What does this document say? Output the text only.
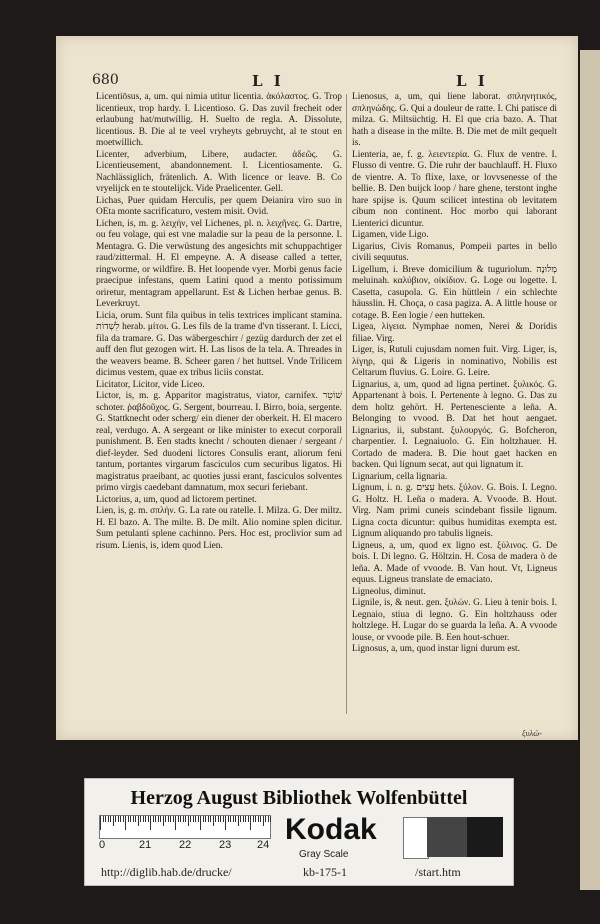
680	L I	L I
Licentiōsus, a, um. qui nimia utitur licentia. ἀκόλαστος. G. Trop licentieux, trop hardy. I. Licentioso. G. Das zuvil frecheit oder erlaubung hat/mutwillig. H. Suelto de regla. A. Dissolute, licentious. B. Die al te veel vryheyts gebruycht, al te stout en moetwillich.
Licenter, adverbium, Libere, audacter. ἀδεῶς. G. Licentieusement, abandonnement. I. Licentiosamente. G. Nachlässiglich, frätenlich. A. With licence or leave. B. Co vryelijck en te stoutelijck. Vide Praelicenter. Gell.
Lichas, Puer quidam Herculis, per quem Deianira viro suo in OEta monte sacrificaturo, vestem misit. Ovid.
Lichen, is, m. g. λειχήν, vel Lichenes, pl. n. λειχῆνες. G. Dartre, ou feu volage, qui est vne maladie sur la peau de la personne. I. Mentagra. G. Die verwüstung des angesichts mit schuppachtiger raud/zittermal. H. El empeyne. A. A disease called a tetter, ringworme, or wildfire. B. Het loopende vyer. Morbi genus facie praecipue infestans, quem Latini quod a mento potissimum oriretur, mentagram appellarunt. Est & Lichen herbae genus. B. Leverkruyt.
Licia, orum. Sunt fila quibus in telis textrices implicant stamina. לִשְׁדוֹת herab. μίτοι. G. Les fils de la trame d'vn tisserant. I. Licci, fila da tramare. G. Das wäbergeschirr / gezüg dardurch der zet el auff den flut gezogen wirt. H. Las lisos de la tela. A. Threades in the weavers beame. B. Scheer garen / het huttsel. Vnde Trilicem dicimus vestem, quae ex tribus liciis constat.
Licitator, Licitor, vide Liceo.
Lictor, is, m. g. Apparitor magistratus, viator, carnifex. שׁוֹטֵר schoter. ῥαβδοῦχος. G. Sergent, bourreau. I. Birro, boia, sergente. G. Stattknecht oder scherg/ ein diener der oberkeit. H. El macero real, verdugo. A. A sergeant or like minister to execut corporall punishment. B. Een stadts knecht / schouten dienaer / sergeant / dief-leyder. Sed duodeni lictores Consulis erant, aliorum feni tantum, portantes virgarum fasciculos cum securibus ligatos. Hi magistratus praeibant, ac quoties jussi erant, fasciculos solventes primo virgis caedebant damnatum, mox securi feriebant.
Lictorius, a, um, quod ad lictorem pertinet.
Lien, is, g. m. σπλήν. G. La rate ou ratelle. I. Milza. G. Der miltz. H. El bazo. A. The milte. B. De milt. Alio nomine splen dicitur. Sum petulanti splene cachinno. Pers. Hoc est, proclivior sum ad risum. Lienis, is, idem quod Lien.
Lienosus, a, um, qui liene laborat. σπληνητικός, σπληνώδης. G. Qui a douleur de ratte. I. Chi patisce di milza. G. Miltsüchtig. H. El que cria bazo. A. That hath a disease in the milte. B. Die met de milt gequelt is.
Lienteria, ae, f. g. λειεντερία. G. Flux de ventre. I. Flusso di ventre. G. Die ruhr der bauchlauff. H. Fluxo de vientre. A. To flixe, laxe, or lovvsenesse of the bellie. B. Den buijck loop / hare ghene, terstont inghe hare spijse is. Quum scilicet intestina ob levitatem cibum non continent. Hoc morbo qui laborant Lienterici dicuntur.
Ligamen, vide Ligo.
Ligarius, Civis Romanus, Pompeii partes in bello civili sequutus.
Ligellum, i. Breve domicilium & tuguriolum. מְלוּנָה meluinah. καλύβιον, οἰκίδιον. G. Loge ou logette. I. Casetta, casupola. G. Ein hüttlein / ein schlechte häusslin. H. Choça, o casa pagiza. A. A little house or cotage. B. Een logie / een hutteken.
Ligea, λίγεια. Nymphae nomen, Nerei & Doridis filiae. Virg.
Liger, is, Rutuli cujusdam nomen fuit. Virg. Liger, is, λίγηρ, qui & Ligeris in nominativo, Nobilis est Celtarum fluvius. G. Loire. G. Leire.
Lignarius, a, um, quod ad ligna pertinet. ξυλικός. G. Appartenant à bois. I. Pertenente à legno. G. Das zu dem holtz gehört. H. Pertenesciente a leña. A. Belonging to vvood. B. Dat het hout aengaet. Lignarius, ii, substant. ξυλουργός. G. Bofcheron, charpentier. I. Legnaiuolo. G. Ein holtzhauer. H. Cortado de madera. B. Die hout gaet hacken en backen. Qui lignum secat, aut qui lignatum it.
Lignarium, cella lignaria.
Lignum, i. n. g. עֵצִים hets. ξύλον. G. Bois. I. Legno. G. Holtz. H. Leña o madera. A. Vvoode. B. Hout. Virg. Nam primi cuneis scindebant fissile lignum. Ligna cocta dicuntur: quibus humiditas exempta est. Lignum aliquando pro tabulis ligneis.
Ligneus, a, um, quod ex ligno est. ξύλινος. G. De bois. I. Di legno. G. Höltzin. H. Cosa de madera ò de leña. A. Made of vvoode. B. Van hout. Vt, Ligneus equus. Ligneus translate de emaciato.
Ligneolus, diminut.
Lignile, is, & neut. gen. ξυλών. G. Lieu à tenir bois. I. Legnaio, stiua di legno. G. Ein holtzhauss oder holtzlege. H. Lugar do se guarda la leña. A. A vvoode louse, or vvoode pile. B. Een hout-schuer.
Lignosus, a, um, quod instar ligni durum est.
ξυλώ-
Herzog August Bibliothek Wolfenbüttel
0	21	22	23 24 Kodak
Gray Scale
http://diglib.hab.de/drucke/	kb-175-1	/start.htm
